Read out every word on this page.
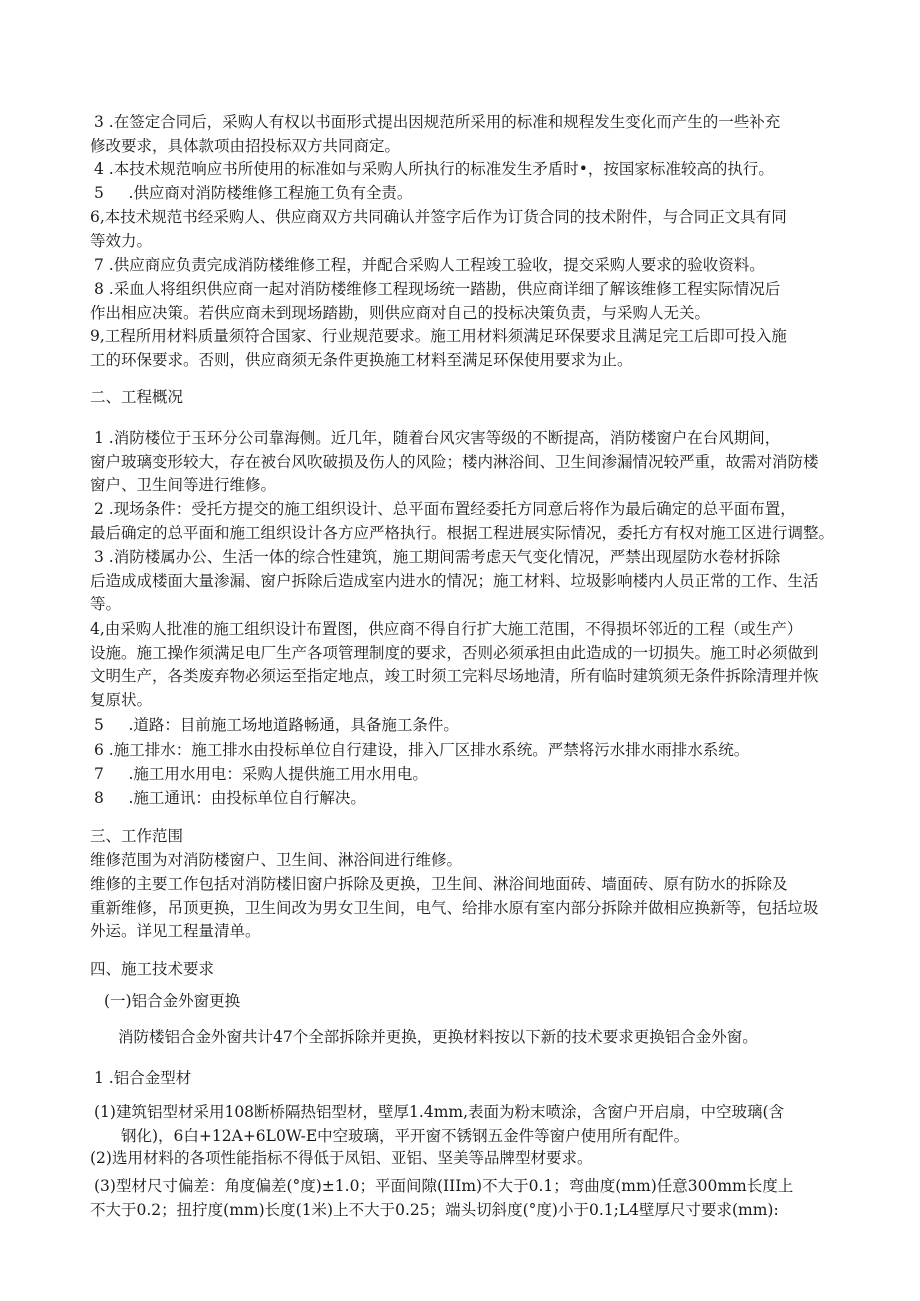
3 .在签定合同后，采购人有权以书面形式提出因规范所采用的标准和规程发生变化而产生的一些补充
修改要求，具体款项由招投标双方共同商定。
4 .本技术规范响应书所使用的标准如与采购人所执行的标准发生矛盾时•，按国家标准较高的执行。
5     .供应商对消防楼维修工程施工负有全责。
6,本技术规范书经采购人、供应商双方共同确认并签字后作为订货合同的技术附件，与合同正文具有同
等效力。
7 .供应商应负责完成消防楼维修工程，并配合采购人工程竣工验收，提交采购人要求的验收资料。
8 .采血人将组织供应商一起对消防楼维修工程现场统一踏勘，供应商详细了解该维修工程实际情况后
作出相应决策。若供应商未到现场踏勘，则供应商对自己的投标决策负责，与采购人无关。
9,工程所用材料质量须符合国家、行业规范要求。施工用材料须满足环保要求且满足完工后即可投入施
工的环保要求。否则，供应商须无条件更换施工材料至满足环保使用要求为止。
二、工程概况
1 .消防楼位于玉环分公司靠海侧。近几年，随着台风灾害等级的不断提高，消防楼窗户在台风期间，
窗户玻璃变形较大，存在被台风吹破损及伤人的风险；楼内淋浴间、卫生间渗漏情况较严重，故需对消防楼
窗户、卫生间等进行维修。
2 .现场条件：受托方提交的施工组织设计、总平面布置经委托方同意后将作为最后确定的总平面布置，
最后确定的总平面和施工组织设计各方应严格执行。根据工程进展实际情况，委托方有权对施工区进行调整。
3 .消防楼属办公、生活一体的综合性建筑，施工期间需考虑天气变化情况，严禁出现屋防水卷材拆除
后造成成楼面大量渗漏、窗户拆除后造成室内进水的情况；施工材料、垃圾影响楼内人员正常的工作、生活
等。
4,由采购人批准的施工组织设计布置图，供应商不得自行扩大施工范围，不得损坏邻近的工程（或生产）
设施。施工操作须满足电厂生产各项管理制度的要求，否则必须承担由此造成的一切损失。施工时必须做到
文明生产，各类废弃物必须运至指定地点，竣工时须工完料尽场地清，所有临时建筑须无条件拆除清理并恢
复原状。
5     .道路：目前施工场地道路畅通，具备施工条件。
6 .施工排水：施工排水由投标单位自行建设，排入厂区排水系统。严禁将污水排水雨排水系统。
7     .施工用水用电：采购人提供施工用水用电。
8     .施工通讯：由投标单位自行解决。
三、工作范围
维修范围为对消防楼窗户、卫生间、淋浴间进行维修。
维修的主要工作包括对消防楼旧窗户拆除及更换，卫生间、淋浴间地面砖、墙面砖、原有防水的拆除及
重新维修，吊顶更换，卫生间改为男女卫生间，电气、给排水原有室内部分拆除并做相应换新等，包括垃圾
外运。详见工程量清单。
四、施工技术要求
(一)铝合金外窗更换
消防楼铝合金外窗共计47个全部拆除并更换，更换材料按以下新的技术要求更换铝合金外窗。
1 .铝合金型材
(1)建筑铝型材采用108断桥隔热铝型材，壁厚1.4mm,表面为粉末喷涂，含窗户开启扇，中空玻璃(含
钢化)，6白+12A+6L0W-E中空玻璃，平开窗不锈钢五金件等窗户使用所有配件。
(2)选用材料的各项性能指标不得低于凤铝、亚铝、坚美等品牌型材要求。
(3)型材尺寸偏差：角度偏差(°度)±1.0；平面间隙(IIIm)不大于0.1；弯曲度(mm)任意300mm长度上
不大于0.2；扭拧度(mm)长度(1米)上不大于0.25；端头切斜度(°度)小于0.1;L4壁厚尺寸要求(mm):
